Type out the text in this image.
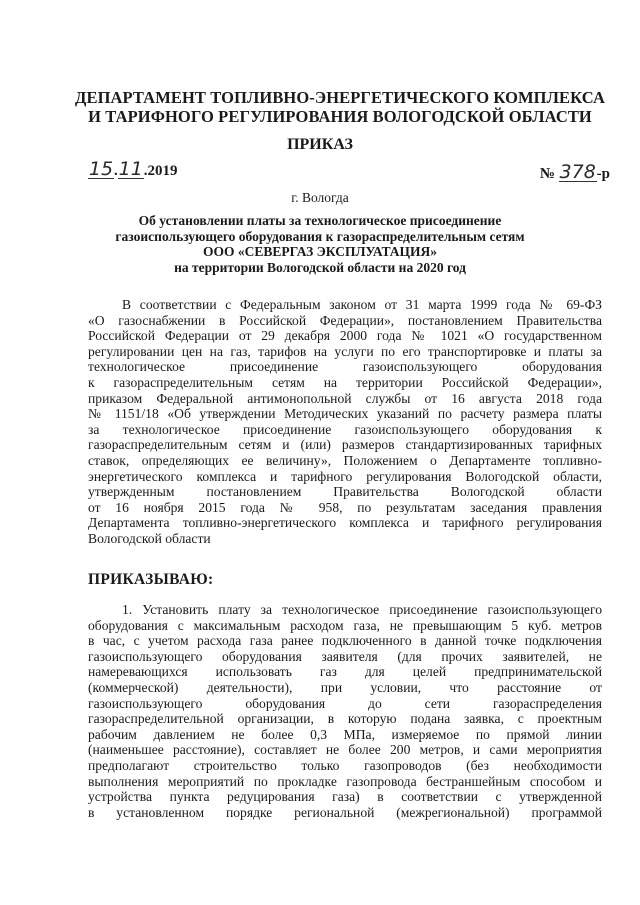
ДЕПАРТАМЕНТ ТОПЛИВНО-ЭНЕРГЕТИЧЕСКОГО КОМПЛЕКСА
И ТАРИФНОГО РЕГУЛИРОВАНИЯ ВОЛОГОДСКОЙ ОБЛАСТИ
ПРИКАЗ
15.11.2019	№ 378-р
г. Вологда
Об установлении платы за технологическое присоединение
газоиспользующего оборудования к газораспределительным сетям
ООО «СЕВЕРГАЗ ЭКСПЛУАТАЦИЯ»
на территории Вологодской области на 2020 год
В соответствии с Федеральным законом от 31 марта 1999 года № 69-ФЗ
«О газоснабжении в Российской Федерации», постановлением Правительства
Российской Федерации от 29 декабря 2000 года № 1021 «О государственном
регулировании цен на газ, тарифов на услуги по его транспортировке и платы за
технологическое присоединение газоиспользующего оборудования
к газораспределительным сетям на территории Российской Федерации»,
приказом Федеральной антимонопольной службы от 16 августа 2018 года
№ 1151/18 «Об утверждении Методических указаний по расчету размера платы
за технологическое присоединение газоиспользующего оборудования к
газораспределительным сетям и (или) размеров стандартизированных тарифных
ставок, определяющих ее величину», Положением о Департаменте топливно-
энергетического комплекса и тарифного регулирования Вологодской области,
утвержденным постановлением Правительства Вологодской области
от 16 ноября 2015 года № 958, по результатам заседания правления
Департамента топливно-энергетического комплекса и тарифного регулирования
Вологодской области
ПРИКАЗЫВАЮ:
1. Установить плату за технологическое присоединение газоиспользующего
оборудования с максимальным расходом газа, не превышающим 5 куб. метров
в час, с учетом расхода газа ранее подключенного в данной точке подключения
газоиспользующего оборудования заявителя (для прочих заявителей, не
намеревающихся использовать газ для целей предпринимательской
(коммерческой) деятельности), при условии, что расстояние от
газоиспользующего оборудования до сети газораспределения
газораспределительной организации, в которую подана заявка, с проектным
рабочим давлением не более 0,3 МПа, измеряемое по прямой линии
(наименьшее расстояние), составляет не более 200 метров, и сами мероприятия
предполагают строительство только газопроводов (без необходимости
выполнения мероприятий по прокладке газопровода бестраншейным способом и
устройства пункта редуцирования газа) в соответствии с утвержденной
в установленном порядке региональной (межрегиональной) программой
